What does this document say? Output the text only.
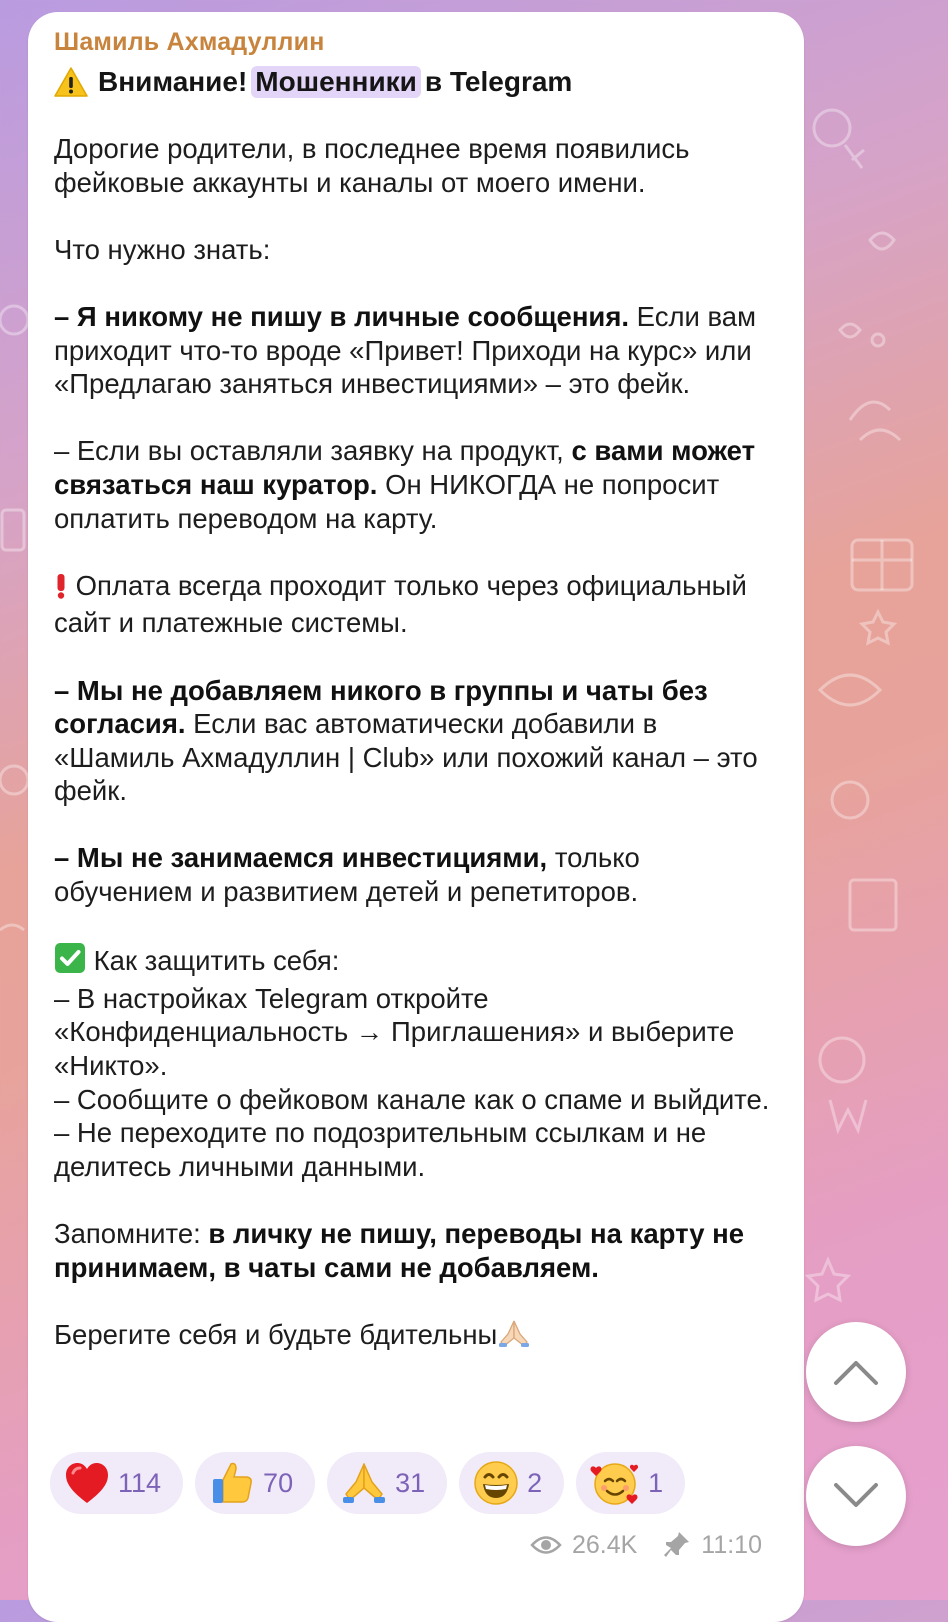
Шамиль Ахмадуллин
Внимание! Мошенники в Telegram

Дорогие родители, в последнее время появились фейковые аккаунты и каналы от моего имени.

Что нужно знать:

– Я никому не пишу в личные сообщения. Если вам приходит что-то вроде «Привет! Приходи на курс» или «Предлагаю заняться инвестициями» – это фейк.

– Если вы оставляли заявку на продукт, с вами может связаться наш куратор. Он НИКОГДА не попросит оплатить переводом на карту.

Оплата всегда проходит только через официальный сайт и платежные системы.

– Мы не добавляем никого в группы и чаты без согласия. Если вас автоматически добавили в «Шамиль Ахмадуллин | Club» или похожий канал – это фейк.

– Мы не занимаемся инвестициями, только обучением и развитием детей и репетиторов.

Как защитить себя:

– В настройках Telegram откройте «Конфиденциальность → Приглашения» и выберите «Никто».

– Сообщите о фейковом канале как о спаме и выйдите.

– Не переходите по подозрительным ссылкам и не делитесь личными данными.

Запомните: в личку не пишу, переводы на карту не принимаем, в чаты сами не добавляем.

Берегите себя и будьте бдительны

114	70	31	2	1
26.4K	11:10
